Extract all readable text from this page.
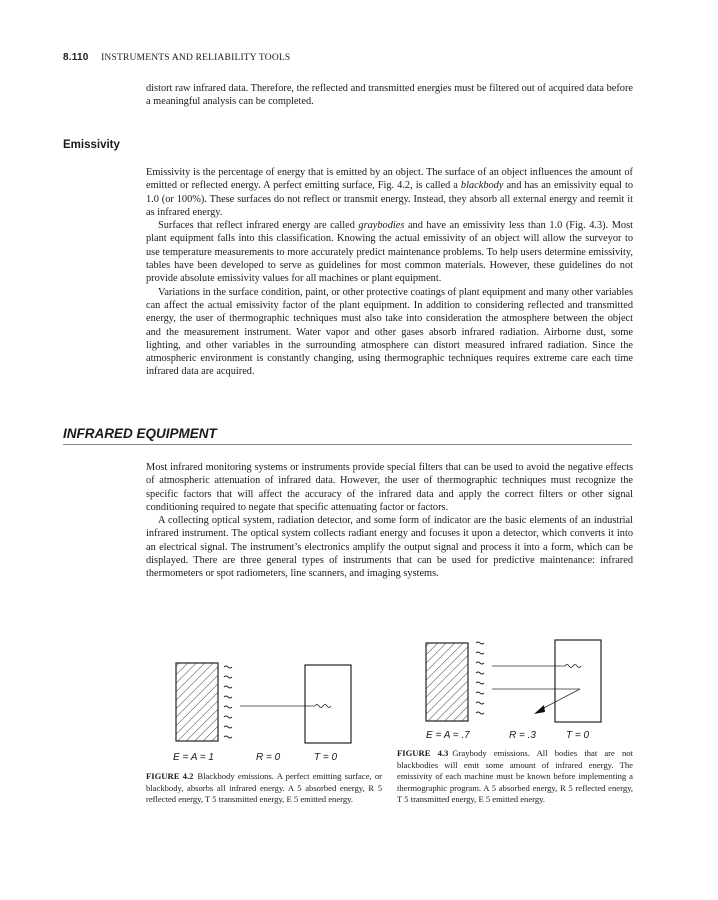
8.110 INSTRUMENTS AND RELIABILITY TOOLS

distort raw infrared data. Therefore, the reflected and transmitted energies must be filtered out of acquired data before a meaningful analysis can be completed.

Emissivity

Emissivity is the percentage of energy that is emitted by an object. The surface of an object influences the amount of emitted or reflected energy. A perfect emitting surface, Fig. 4.2, is called a blackbody and has an emissivity equal to 1.0 (or 100%). These surfaces do not reflect or transmit energy. Instead, they absorb all external energy and reemit it as infrared energy.

Surfaces that reflect infrared energy are called graybodies and have an emissivity less than 1.0 (Fig. 4.3). Most plant equipment falls into this classification. Knowing the actual emissivity of an object will allow the surveyor to use temperature measurements to more accurately predict maintenance problems. To help users determine emissivity, tables have been developed to serve as guidelines for most common materials. However, these guidelines do not provide absolute emissivity values for all machines or plant equipment.

Variations in the surface condition, paint, or other protective coatings of plant equipment and many other variables can affect the actual emissivity factor of the plant equipment. In addition to considering reflected and transmitted energy, the user of thermographic techniques must also take into consideration the atmosphere between the object and the measurement instrument. Water vapor and other gases absorb infrared radiation. Airborne dust, some lighting, and other variables in the surrounding atmosphere can distort measured infrared radiation. Since the atmospheric environment is constantly changing, using thermographic techniques requires extreme care each time infrared data are acquired.

INFRARED EQUIPMENT

Most infrared monitoring systems or instruments provide special filters that can be used to avoid the negative effects of atmospheric attenuation of infrared data. However, the user of thermographic techniques must recognize the specific factors that will affect the accuracy of the infrared data and apply the correct filters or other signal conditioning required to negate that specific attenuating factor or factors.

A collecting optical system, radiation detector, and some form of indicator are the basic elements of an industrial infrared instrument. The optical system collects radiant energy and focuses it upon a detector, which converts it into an electrical signal. The instrument’s electronics amplify the output signal and process it into a form, which can be displayed. There are three general types of instruments that can be used for predictive maintenance: infrared thermometers or spot radiometers, line scanners, and imaging systems.

E = A = 1	R = 0	T = 0
FIGURE 4.2 Blackbody emissions. A perfect emitting surface, or blackbody, absorbs all infrared energy. A 5 absorbed energy, R 5 reflected energy, T 5 transmitted energy, E 5 emitted energy.
E = A = .7	R = .3	T = 0
FIGURE 4.3 Graybody emissions. All bodies that are not blackbodies will emit some amount of infrared energy. The emissivity of each machine must be known before implementing a thermographic program. A 5 absorbed energy, R 5 reflected energy, T 5 transmitted energy, E 5 emitted energy.
